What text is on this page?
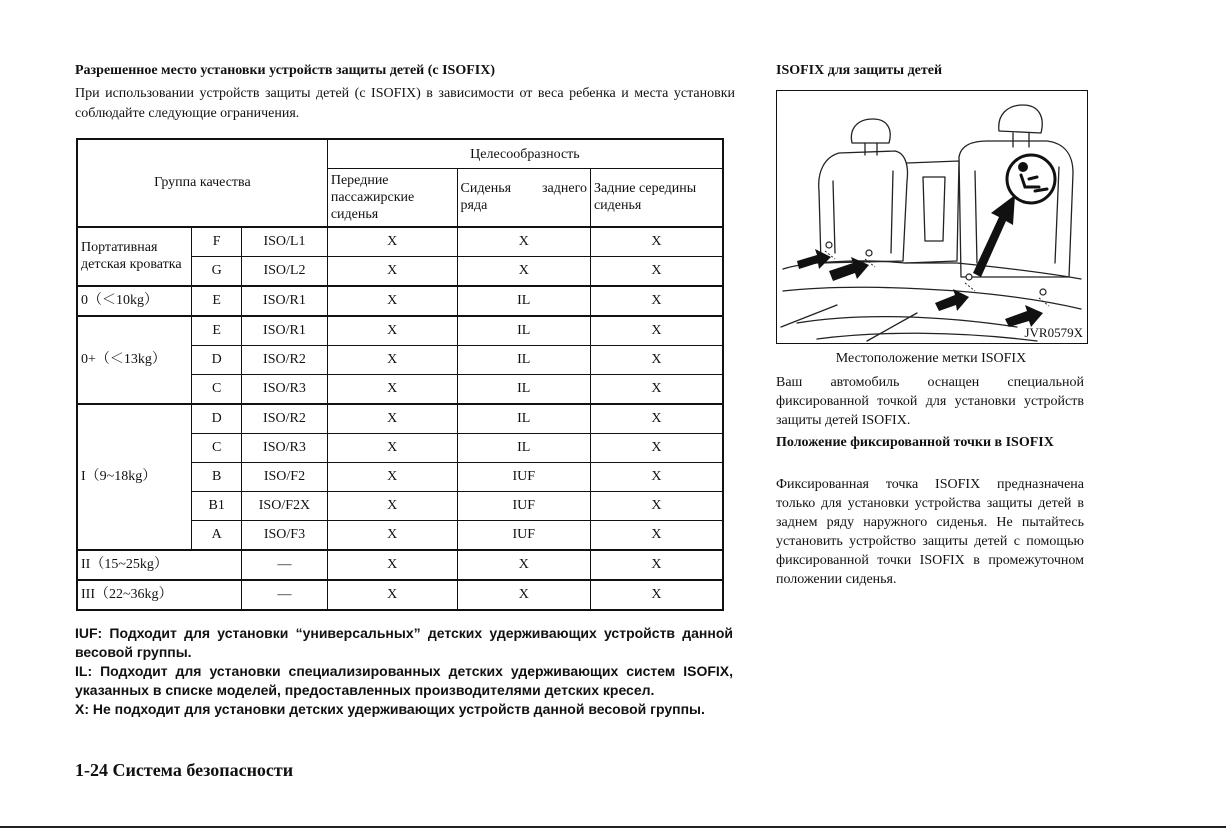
Разрешенное место установки устройств защиты детей (с ISOFIX)

При использовании устройств защиты детей (с ISOFIX) в зависимости от веса ребенка и места установки соблюдайте следующие ограничения.

Группа качества			Целесообразность		
			Передние пассажирские сиденья	Сиденья заднего ряда	Задние середины сиденья
Портативная детская кроватка	F	ISO/L1	X	X	X
	G	ISO/L2	X	X	X
0（＜10kg）	E	ISO/R1	X	IL	X
0+（＜13kg）	E	ISO/R1	X	IL	X
	D	ISO/R2	X	IL	X
	C	ISO/R3	X	IL	X
I（9~18kg）	D	ISO/R2	X	IL	X
	C	ISO/R3	X	IL	X
	B	ISO/F2	X	IUF	X
	B1	ISO/F2X	X	IUF	X
	A	ISO/F3	X	IUF	X
II（15~25kg）		—	X	X	X
III（22~36kg）		—	X	X	X

IUF: Подходит для установки “универсальных” детских удерживающих устройств данной весовой группы.

IL: Подходит для установки специализированных детских удерживающих систем ISOFIX, указанных в списке моделей, предоставленных производителями детских кресел.

X: Не подходит для установки детских удерживающих устройств данной весовой группы.

1-24 Система безопасности

ISOFIX для защиты детей

JVR0579X
Местоположение метки ISOFIX

Ваш автомобиль оснащен специальной фиксированной точкой для установки устройств защиты детей ISOFIX.

Положение фиксированной точки в ISOFIX

Фиксированная точка ISOFIX предназначена только для установки устройства защиты детей в заднем ряду наружного сиденья. Не пытайтесь установить устройство защиты детей с помощью фиксированной точки ISOFIX в промежуточном положении сиденья.
